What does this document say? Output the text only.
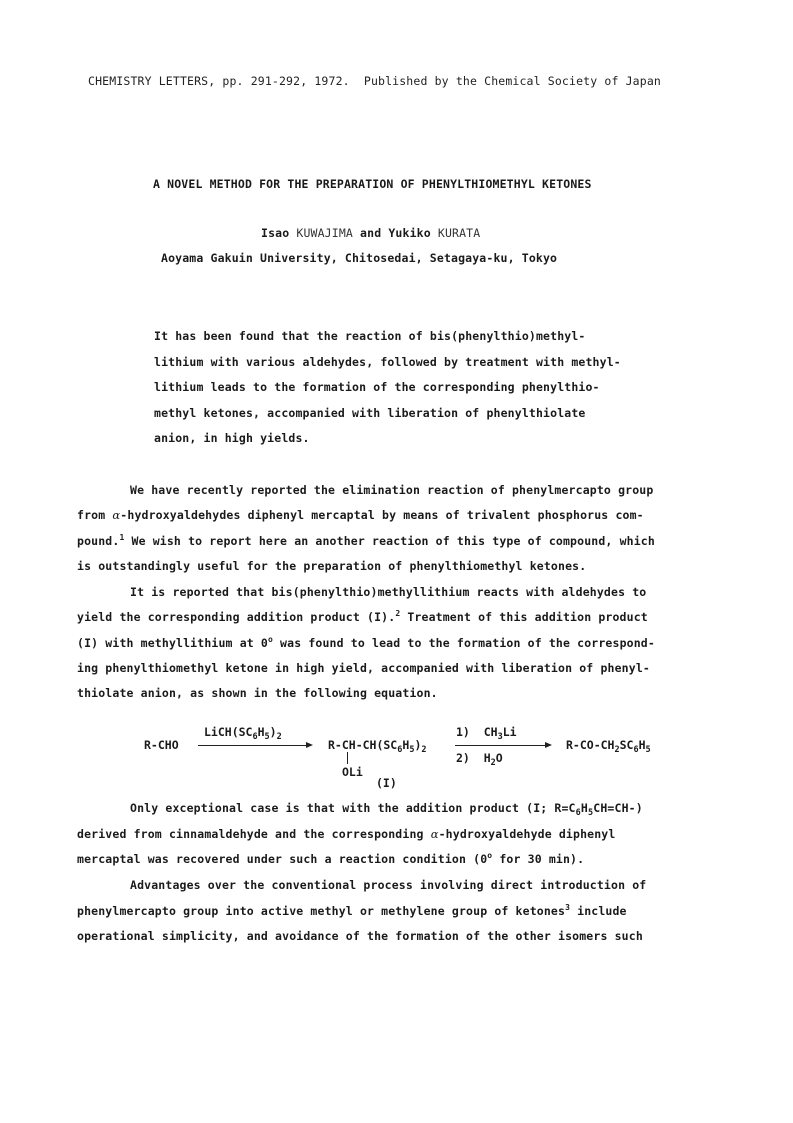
CHEMISTRY LETTERS, pp. 291-292, 1972.  Published by the Chemical Society of Japan
A NOVEL METHOD FOR THE PREPARATION OF PHENYLTHIOMETHYL KETONES
Isao KUWAJIMA and Yukiko KURATA
Aoyama Gakuin University, Chitosedai, Setagaya-ku, Tokyo
It has been found that the reaction of bis(phenylthio)methyl-
lithium with various aldehydes, followed by treatment with methyl-
lithium leads to the formation of the corresponding phenylthio-
methyl ketones, accompanied with liberation of phenylthiolate
anion, in high yields.
We have recently reported the elimination reaction of phenylmercapto group
from α-hydroxyaldehydes diphenyl mercaptal by means of trivalent phosphorus com-
pound.$^1$ We wish to report here an another reaction of this type of compound, which
is outstandingly useful for the preparation of phenylthiomethyl ketones.
It is reported that bis(phenylthio)methyllithium reacts with aldehydes to
yield the corresponding addition product (I).$^2$ Treatment of this addition product
(I) with methyllithium at 0$^o$ was found to lead to the formation of the correspond-
ing phenylthiomethyl ketone in high yield, accompanied with liberation of phenyl-
thiolate anion, as shown in the following equation.
R-CHO
$LiCH(SC_6H_5)_2$
$R-CH-CH(SC_6H_5)_2$
OLi
(I)
1) $CH_3Li$
2) $H_2O$
$R-CO-CH_2SC_6H_5$
Only exceptional case is that with the addition product (I; $R=C_6H_5CH=CH-$)
derived from cinnamaldehyde and the corresponding α-hydroxyaldehyde diphenyl
mercaptal was recovered under such a reaction condition (0$^o$ for 30 min).
Advantages over the conventional process involving direct introduction of
phenylmercapto group into active methyl or methylene group of ketones$^3$ include
operational simplicity, and avoidance of the formation of the other isomers such
